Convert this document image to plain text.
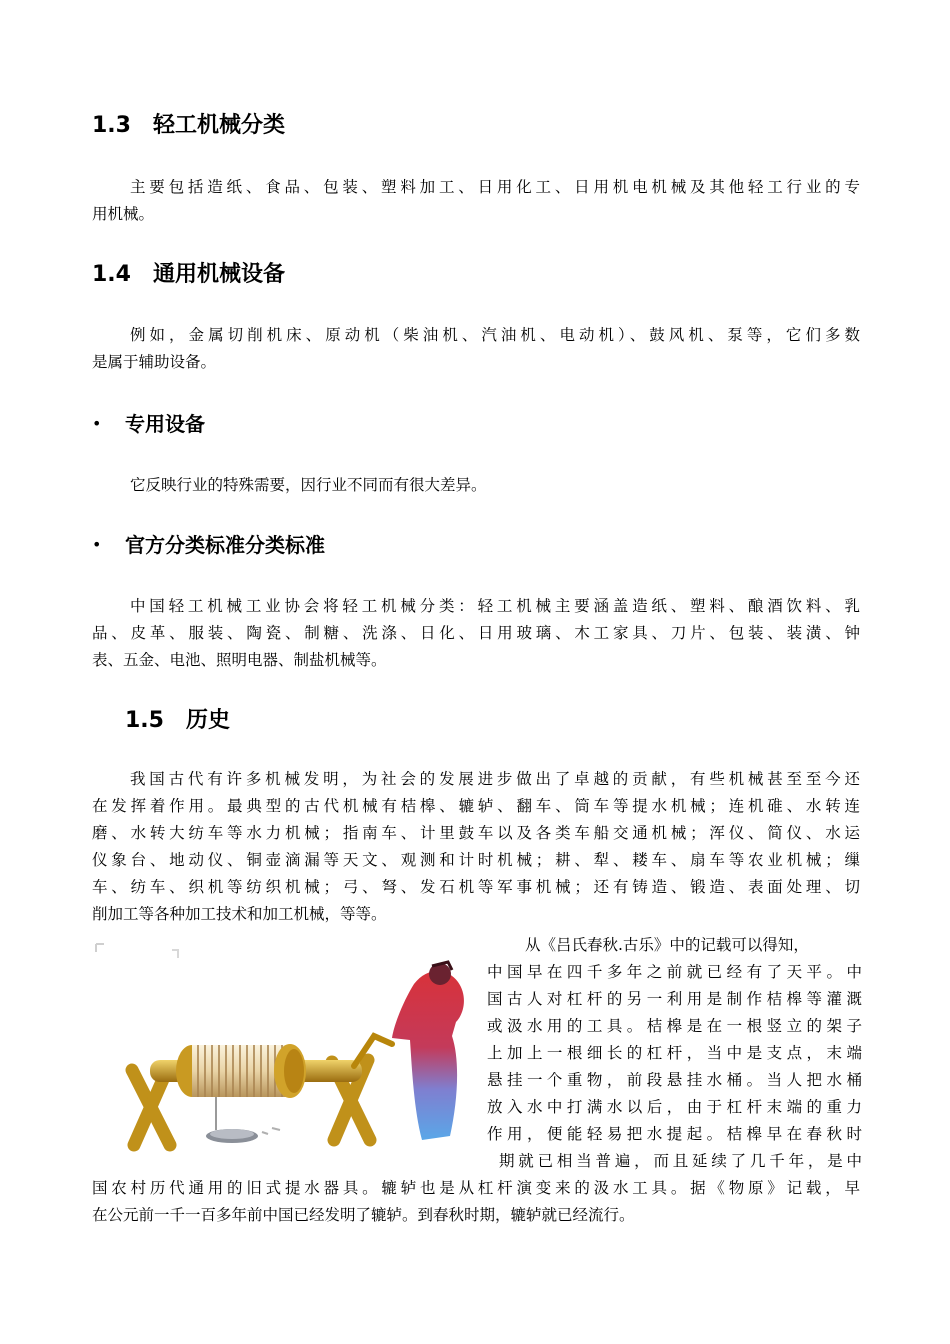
1.3 轻工机械分类
主要包括造纸、食品、包装、塑料加工、日用化工、日用机电机械及其他轻工行业的专
用机械。
1.4 通用机械设备
例如，金属切削机床、原动机（柴油机、汽油机、电动机）、鼓风机、泵等，它们多数
是属于辅助设备。
• 专用设备
它反映行业的特殊需要，因行业不同而有很大差异。
• 官方分类标准分类标准
中国轻工机械工业协会将轻工机械分类：轻工机械主要涵盖造纸、塑料、酿酒饮料、乳
品、皮革、服装、陶瓷、制糖、洗涤、日化、日用玻璃、木工家具、刀片、包装、装潢、钟
表、五金、电池、照明电器、制盐机械等。
1.5 历史
我国古代有许多机械发明，为社会的发展进步做出了卓越的贡献，有些机械甚至至今还
在发挥着作用。最典型的古代机械有桔槔、辘轳、翻车、筒车等提水机械；连机碓、水转连
磨、水转大纺车等水力机械；指南车、计里鼓车以及各类车船交通机械；浑仪、简仪、水运
仪象台、地动仪、铜壶滴漏等天文、观测和计时机械；耕、犁、耧车、扇车等农业机械；缫
车、纺车、织机等纺织机械；弓、弩、发石机等军事机械；还有铸造、锻造、表面处理、切
削加工等各种加工技术和加工机械，等等。
从《吕氏春秋.古乐》中的记载可以得知，
中国早在四千多年之前就已经有了天平。中
国古人对杠杆的另一利用是制作桔槔等灌溉
或汲水用的工具。桔槔是在一根竖立的架子
上加上一根细长的杠杆，当中是支点，末端
悬挂一个重物，前段悬挂水桶。当人把水桶
放入水中打满水以后，由于杠杆末端的重力
作用，便能轻易把水提起。桔槔早在春秋时
期就已相当普遍，而且延续了几千年，是中
国农村历代通用的旧式提水器具。辘轳也是从杠杆演变来的汲水工具。据《物原》记载，早
在公元前一千一百多年前中国已经发明了辘轳。到春秋时期，辘轳就已经流行。
